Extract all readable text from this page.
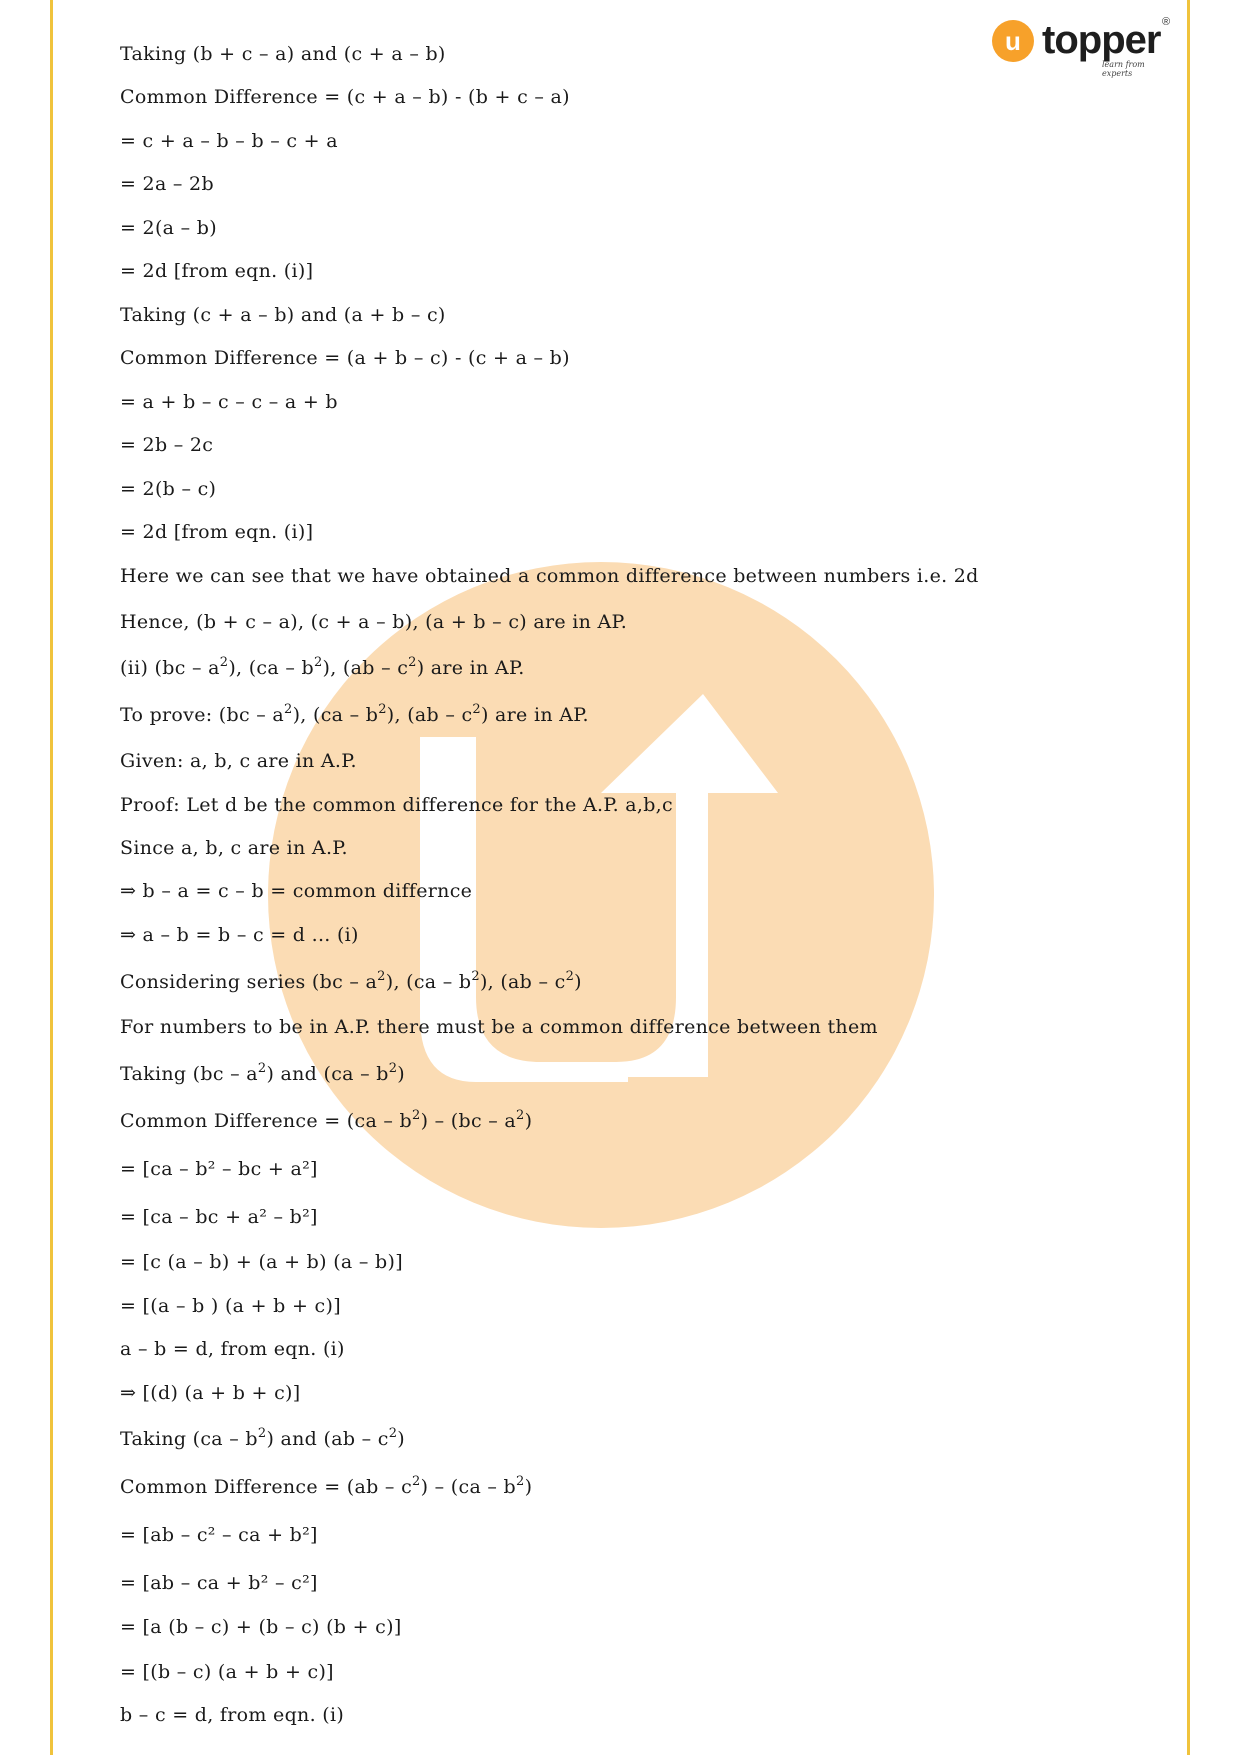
u topper ®
learn from experts
Taking (b + c – a) and (c + a – b)
Common Difference = (c + a – b) - (b + c – a)
= c + a – b – b – c + a
= 2a – 2b
= 2(a – b)
= 2d [from eqn. (i)]
Taking (c + a – b) and (a + b – c)
Common Difference = (a + b – c) - (c + a – b)
= a + b – c – c – a + b
= 2b – 2c
= 2(b – c)
= 2d [from eqn. (i)]
Here we can see that we have obtained a common difference between numbers i.e. 2d
Hence, (b + c – a), (c + a – b), (a + b – c) are in AP.
(ii) $(bc - a^2)$, $(ca - b^2)$, $(ab - c^2)$ are in AP.
To prove: $(bc - a^2)$, $(ca - b^2)$, $(ab - c^2)$ are in AP.
Given: a, b, c are in A.P.
Proof: Let d be the common difference for the A.P. a,b,c
Since a, b, c are in A.P.
⇒ b – a = c – b = common differnce
⇒ a – b = b – c = d ... (i)
Considering series $(bc - a^2)$, $(ca - b^2)$, $(ab - c^2)$
For numbers to be in A.P. there must be a common difference between them
Taking $(bc - a^2)$ and $(ca - b^2)$
Common Difference = $(ca - b^2) - (bc - a^2)$
= [ca – b² – bc + a²]
= [ca – bc + a² – b²]
= [c (a – b) + (a + b) (a – b)]
= [(a – b ) (a + b + c)]
a – b = d, from eqn. (i)
⇒ [(d) (a + b + c)]
Taking $(ca - b^2)$ and $(ab - c^2)$
Common Difference = $(ab - c^2) - (ca - b^2)$
= [ab – c² – ca + b²]
= [ab – ca + b² – c²]
= [a (b – c) + (b – c) (b + c)]
= [(b – c) (a + b + c)]
b – c = d, from eqn. (i)
